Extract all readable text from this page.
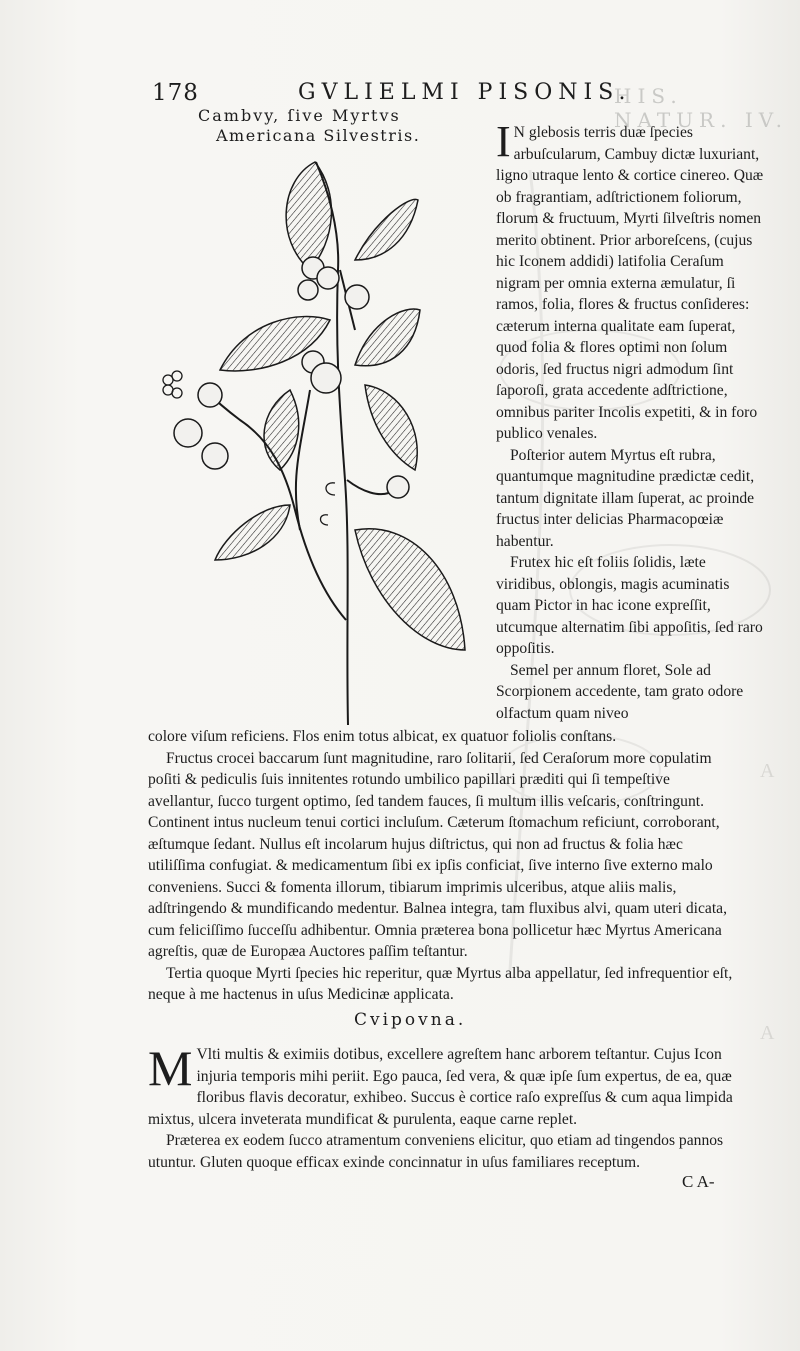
178	GVLIELMI PISONIS.
HIS. NATUR. IV.
Cambvy, ſive Myrtvs
Americana Silvestris. I N glebosis terris duæ ſpecies arbuſcularum, Cambuy dictæ luxuriant, ligno utraque lento & cortice cinereo. Quæ ob fragrantiam, adſtrictionem foliorum, florum & fructuum, Myrti ſilveſtris nomen merito obtinent. Prior arboreſcens, (cujus hic Iconem addidi) latifolia Ceraſum nigram per omnia externa æmulatur, ſi ramos, folia, flores & fructus conſideres: cæterum interna qualitate eam ſuperat, quod folia & flores optimi non ſolum odoris, ſed fructus nigri admodum ſint ſaporoſi, grata accedente adſtrictione, omnibus pariter Incolis expetiti, & in foro publico venales.

Poſterior autem Myrtus eſt rubra, quantumque magnitudine prædictæ cedit, tantum dignitate illam ſuperat, ac proinde fructus inter delicias Pharmacopœiæ habentur.

Frutex hic eſt foliis ſolidis, læte viridibus, oblongis, magis acuminatis quam Pictor in hac icone expreſſit, utcumque alternatim ſibi appoſitis, ſed raro oppoſitis.

Semel per annum floret, Sole ad Scorpionem accedente, tam grato odore olfactum quam niveo

colore viſum reficiens. Flos enim totus albicat, ex quatuor foliolis conſtans.

Fructus crocei baccarum ſunt magnitudine, raro ſolitarii, ſed Ceraſorum more copulatim poſiti & pediculis ſuis innitentes rotundo umbilico papillari præditi qui ſi tempeſtive avellantur, ſucco turgent optimo, ſed tandem fauces, ſi multum illis veſcaris, conſtringunt. Continent intus nucleum tenui cortici incluſum. Cæterum ſtomachum reficiunt, corroborant, æſtumque ſedant. Nullus eſt incolarum hujus diſtrictus, qui non ad fructus & folia hæc utiliſſima confugiat. & medicamentum ſibi ex ipſis conficiat, ſive interno ſive externo malo conveniens. Succi & fomenta illorum, tibiarum imprimis ulceribus, atque aliis malis, adſtringendo & mundificando medentur. Balnea integra, tam fluxibus alvi, quam uteri dicata, cum feliciſſimo ſucceſſu adhibentur. Omnia præterea bona pollicetur hæc Myrtus Americana agreſtis, quæ de Europæa Auctores paſſim teſtantur.

Tertia quoque Myrti ſpecies hic reperitur, quæ Myrtus alba appellatur, ſed infrequentior eſt, neque à me hactenus in uſus Medicinæ applicata.

Cvipovna.

M Vlti multis & eximiis dotibus, excellere agreſtem hanc arborem teſtantur. Cujus Icon injuria temporis mihi periit. Ego pauca, ſed vera, & quæ ipſe ſum expertus, de ea, quæ floribus flavis decoratur, exhibeo. Succus è cortice raſo expreſſus & cum aqua limpida mixtus, ulcera inveterata mundificat & purulenta, eaque carne replet.

Præterea ex eodem ſucco atramentum conveniens elicitur, quo etiam ad tingendos pannos utuntur. Gluten quoque efficax exinde concinnatur in uſus familiares receptum.

C A-
A
A
